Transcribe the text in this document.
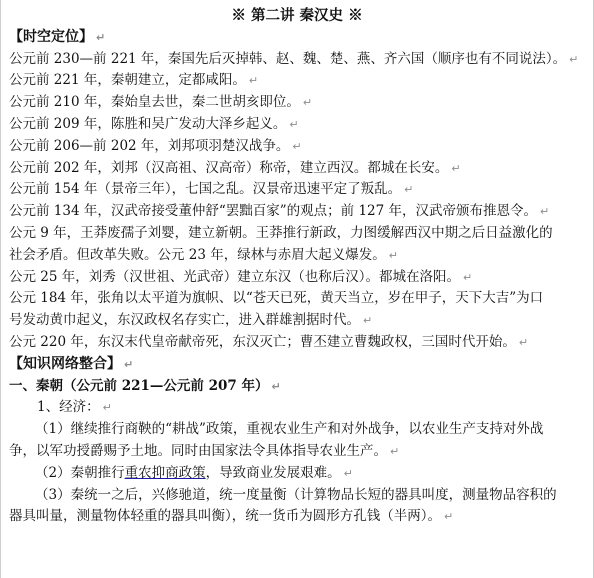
※ 第二讲 秦汉史 ※
【时空定位】 ↵
公元前 230—前 221 年，秦国先后灭掉韩、赵、魏、楚、燕、齐六国（顺序也有不同说法）。 ↵
公元前 221 年，秦朝建立，定都咸阳。 ↵
公元前 210 年，秦始皇去世，秦二世胡亥即位。 ↵
公元前 209 年，陈胜和吴广发动大泽乡起义。 ↵
公元前 206—前 202 年，刘邦项羽楚汉战争。 ↵
公元前 202 年，刘邦（汉高祖、汉高帝）称帝，建立西汉。都城在长安。 ↵
公元前 154 年（景帝三年），七国之乱。汉景帝迅速平定了叛乱。 ↵
公元前 134 年，汉武帝接受董仲舒“罢黜百家”的观点；前 127 年，汉武帝颁布推恩令。 ↵
公元 9 年，王莽废孺子刘婴，建立新朝。王莽推行新政，力图缓解西汉中期之后日益激化的
社会矛盾。但改革失败。公元 23 年，绿林与赤眉大起义爆发。 ↵
公元 25 年，刘秀（汉世祖、光武帝）建立东汉（也称后汉）。都城在洛阳。 ↵
公元 184 年，张角以太平道为旗帜、以“苍天已死，黄天当立，岁在甲子，天下大吉”为口
号发动黄巾起义，东汉政权名存实亡，进入群雄割据时代。 ↵
公元 220 年，东汉末代皇帝献帝死，东汉灭亡；曹丕建立曹魏政权，三国时代开始。 ↵
【知识网络整合】 ↵
一、秦朝（公元前 221—公元前 207 年） ↵
1、经济： ↵
（1）继续推行商鞅的“耕战”政策，重视农业生产和对外战争，以农业生产支持对外战
争，以军功授爵赐予土地。同时由国家法令具体指导农业生产。 ↵
（2）秦朝推行重农抑商政策，导致商业发展艰难。 ↵
（3）秦统一之后，兴修驰道，统一度量衡（计算物品长短的器具叫度，测量物品容积的
器具叫量，测量物体轻重的器具叫衡），统一货币为圆形方孔钱（半两）。 ↵
